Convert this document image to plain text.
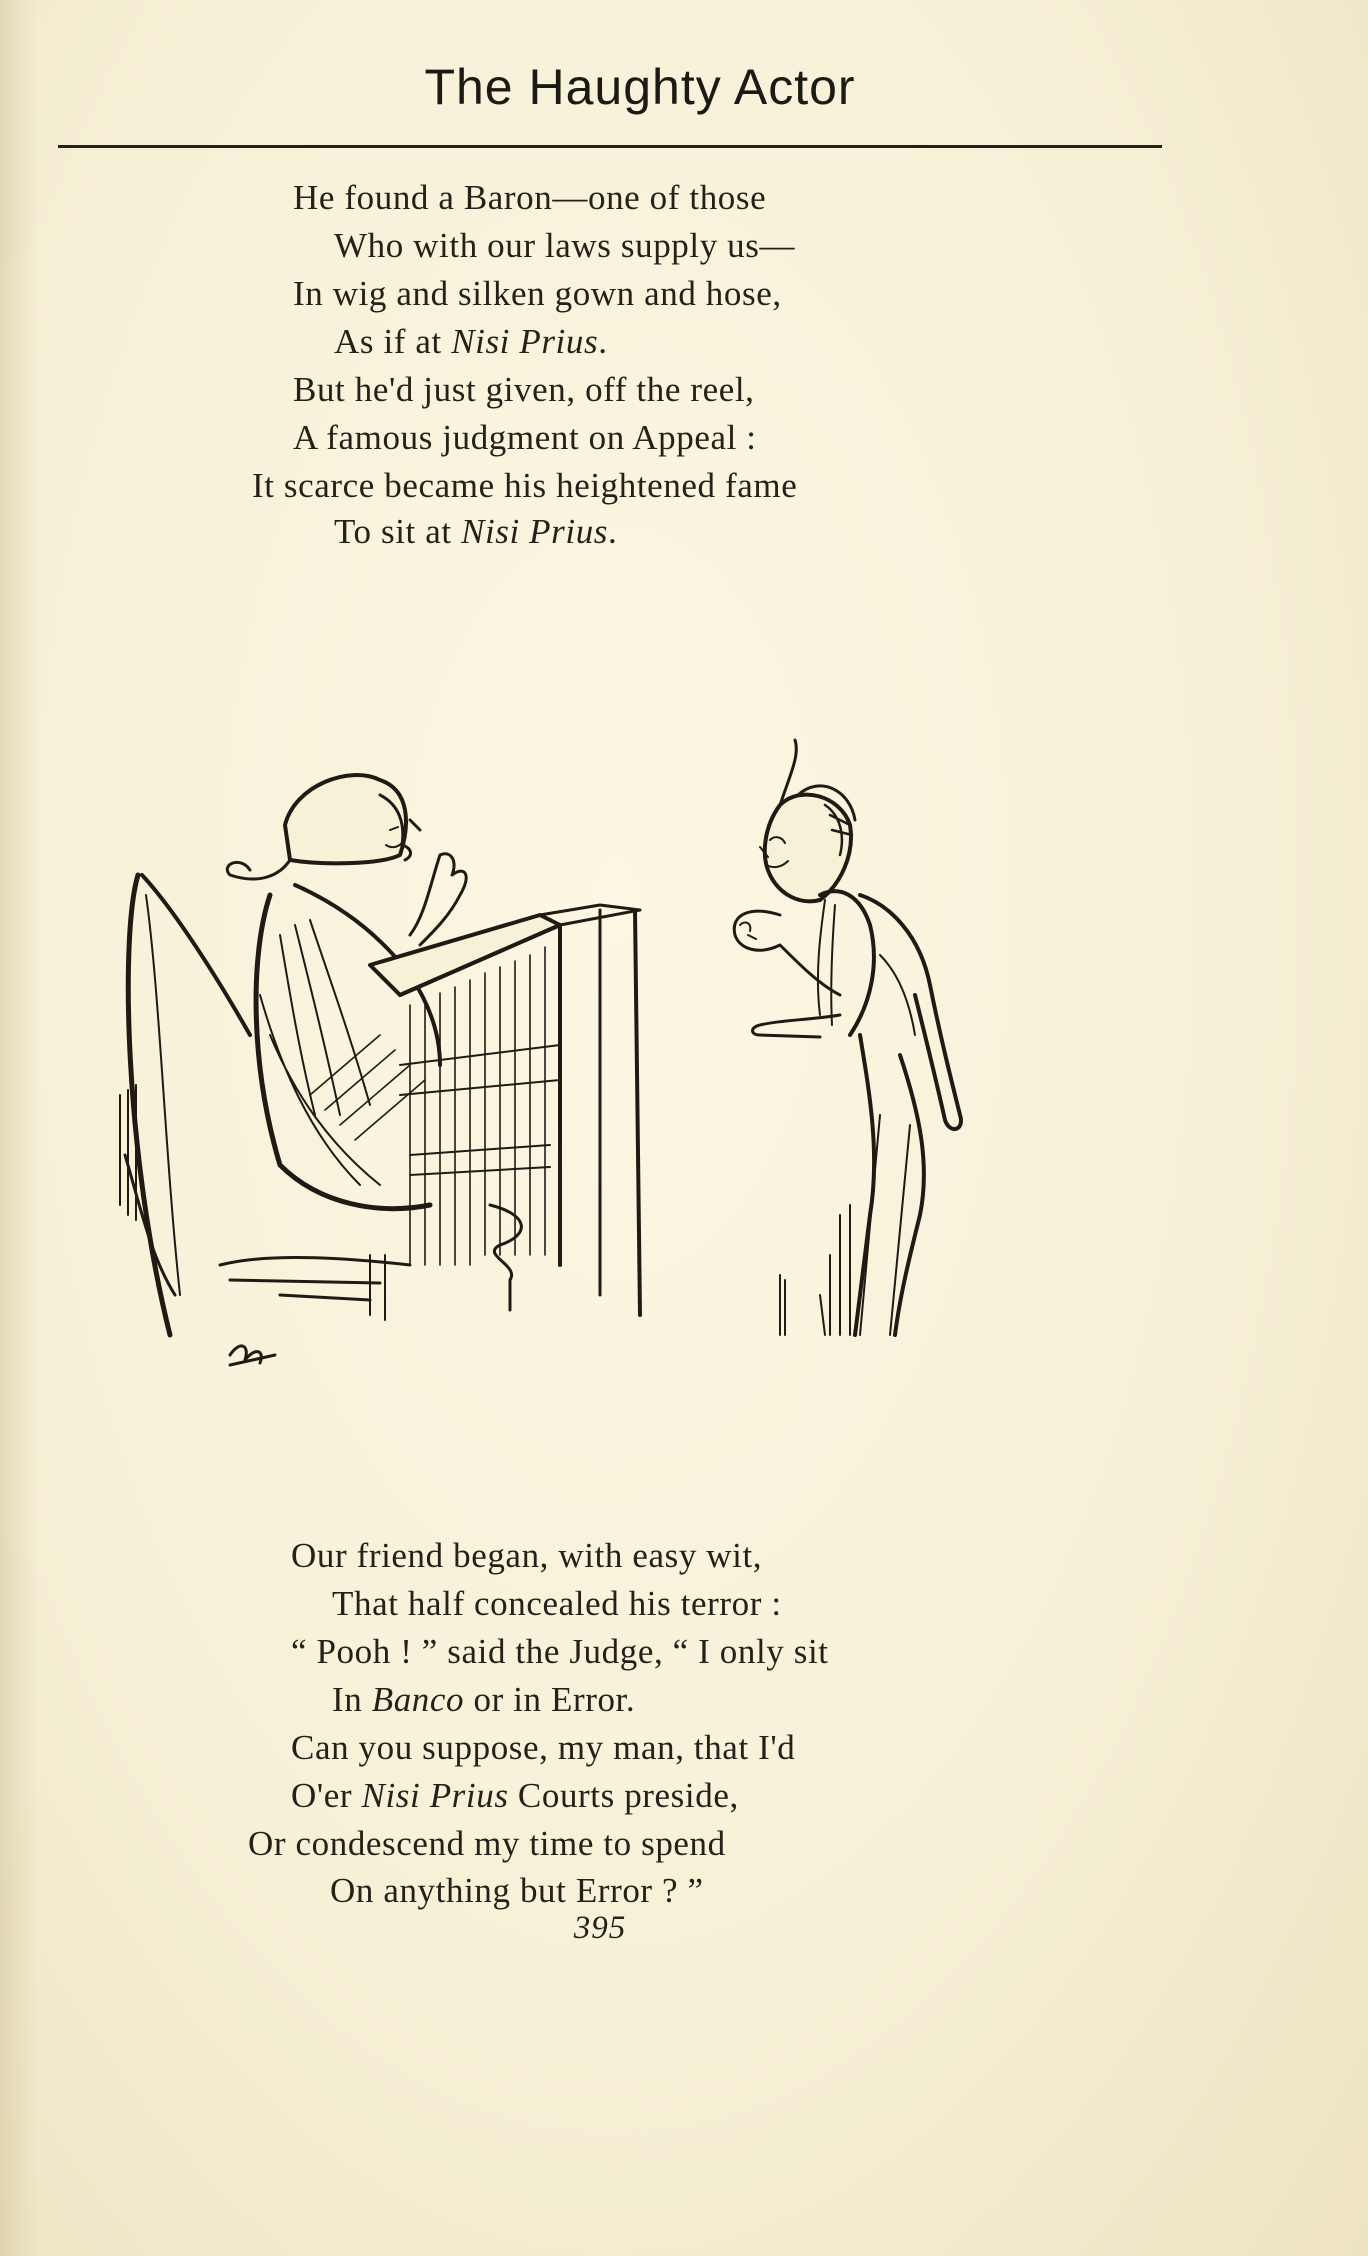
The Haughty Actor
He found a Baron—one of those
Who with our laws supply us—
In wig and silken gown and hose,
As if at Nisi Prius.
But he'd just given, off the reel,
A famous judgment on Appeal :
It scarce became his heightened fame
To sit at Nisi Prius.
Our friend began, with easy wit,
That half concealed his terror :
“ Pooh ! ” said the Judge, “ I only sit
In Banco or in Error.
Can you suppose, my man, that I'd
O'er Nisi Prius Courts preside,
Or condescend my time to spend
On anything but Error ? ”
395
